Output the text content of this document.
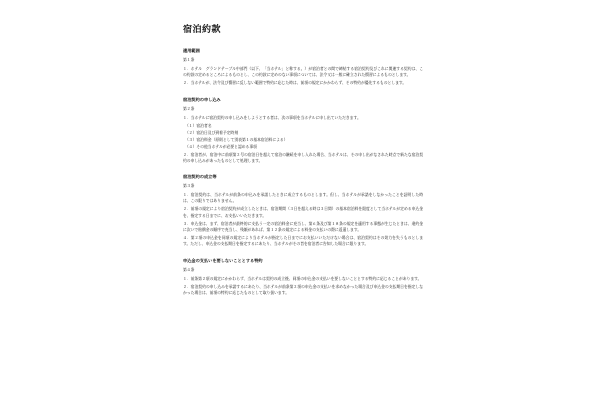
宿泊約款
適用範囲
第１条

１．ホテル　グランドテーブル中部門（以下、「当ホテル」と称する。）が宿泊者との間で締結する宿泊契約及びこれに関連する契約は、この約款の定めるところによるものとし、この約款に定めのない事項については、法令又は一般に確立された慣習によるものとします。

２．当ホテルが、法令及び慣習に反しない範囲で特約に応じた時は、前項の規定にかかわらず、その特約が優先するものとします。

宿泊契約の申し込み
第２条

１．当ホテルに宿泊契約の申し込みをしようとする者は、次の事項を当ホテルに申し出ていただきます。

（１）宿泊者名
（２）宿泊日及び到着予定時刻
（３）宿泊料金（原則として別表第１の基本宿泊料による）
（４）その他当ホテルが必要と認める事項

２．宿泊者が、宿泊中に前項第２号の宿泊日を超えて宿泊の継続を申し入れた場合、当ホテルは、その申し出がなされた時点で新たな宿泊契約の申し込みがあったものとして処理します。

宿泊契約の成立等
第３条

１．宿泊契約は、当ホテルが前条の申込みを承諾したときに成立するものとします。但し、当ホテルが承諾をしなかったことを証明した時は、この限りではありません。

２．前項の規定により宿泊契約が成立したときは、宿泊期間（３日を超える時は３日間）の基本宿泊料を限度として当ホテルが定める申込金を、指定する日までに、お支払いいただきます。

３．申込金は、まず、宿泊者が最終的に支払う一定の宿泊料金に充当し、第６条及び第１８条の規定を適用する事態が生じたときは、違約金に次いで賠償金の順序で充当し、残額があれば、第１２条の規定による料金の支払いの際に返還します。

４．第２項の申込金を同項の規定により当ホテルが指定した日までにお支払いいただけない場合は、宿泊契約はその効力を失うものとします。ただし、申込金の支払期日を指定するにあたり、当ホテルがその旨を宿泊者に告知した場合に限ります。

申込金の支払いを要しないこととする特約
第４条

１．前条第２項の規定にかかわらず、当ホテルは契約の成立後、同項の申込金の支払いを要しないこととする特約に応じることがあります。

２．宿泊契約の申し込みを承諾するにあたり、当ホテルが前条第２項の申込金の支払いを求めなかった場合及び申込金の支払期日を指定しなかった場合は、前項の特約に応じたものとして取り扱います。
